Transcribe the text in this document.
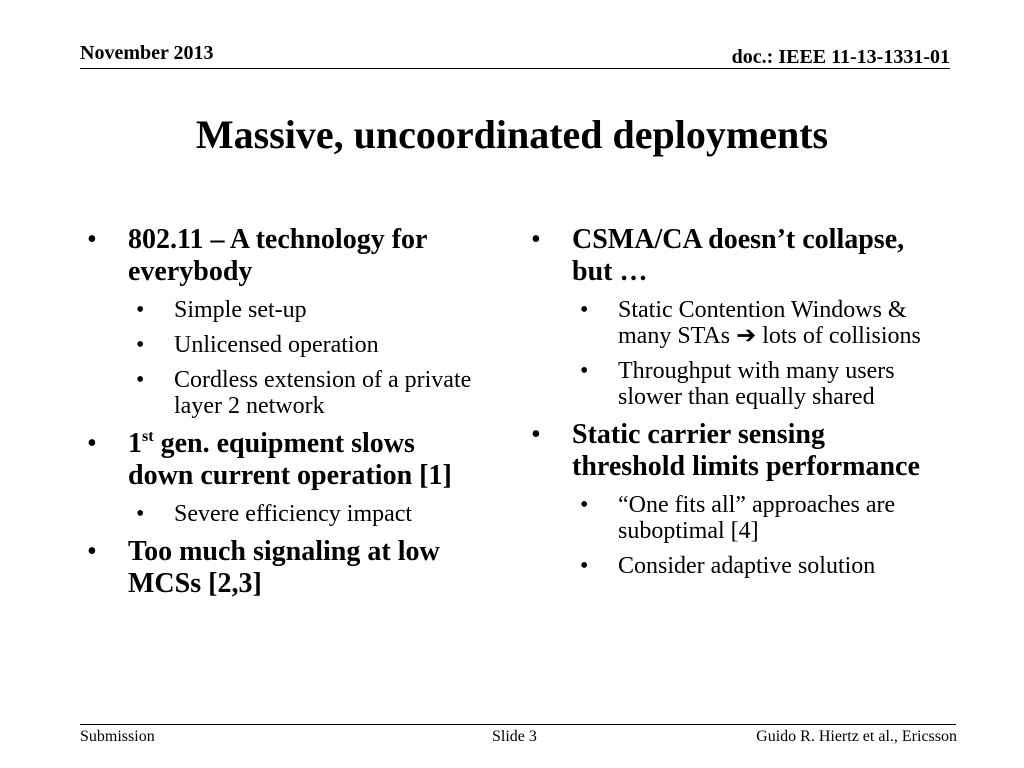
November 2013	doc.: IEEE 11-13-1331-01
Massive, uncoordinated deployments
• 802.11 – A technology for everybody
• Simple set-up
• Unlicensed operation
• Cordless extension of a private layer 2 network
• 1st gen. equipment slows down current operation [1]
• Severe efficiency impact
• Too much signaling at low MCSs [2,3]
• CSMA/CA doesn’t collapse, but …
• Static Contention Windows & many STAs ➔ lots of collisions
• Throughput with many users slower than equally shared
• Static carrier sensing threshold limits performance
• “One fits all” approaches are suboptimal [4]
• Consider adaptive solution
Submission	Slide 3	Guido R. Hiertz et al., Ericsson
